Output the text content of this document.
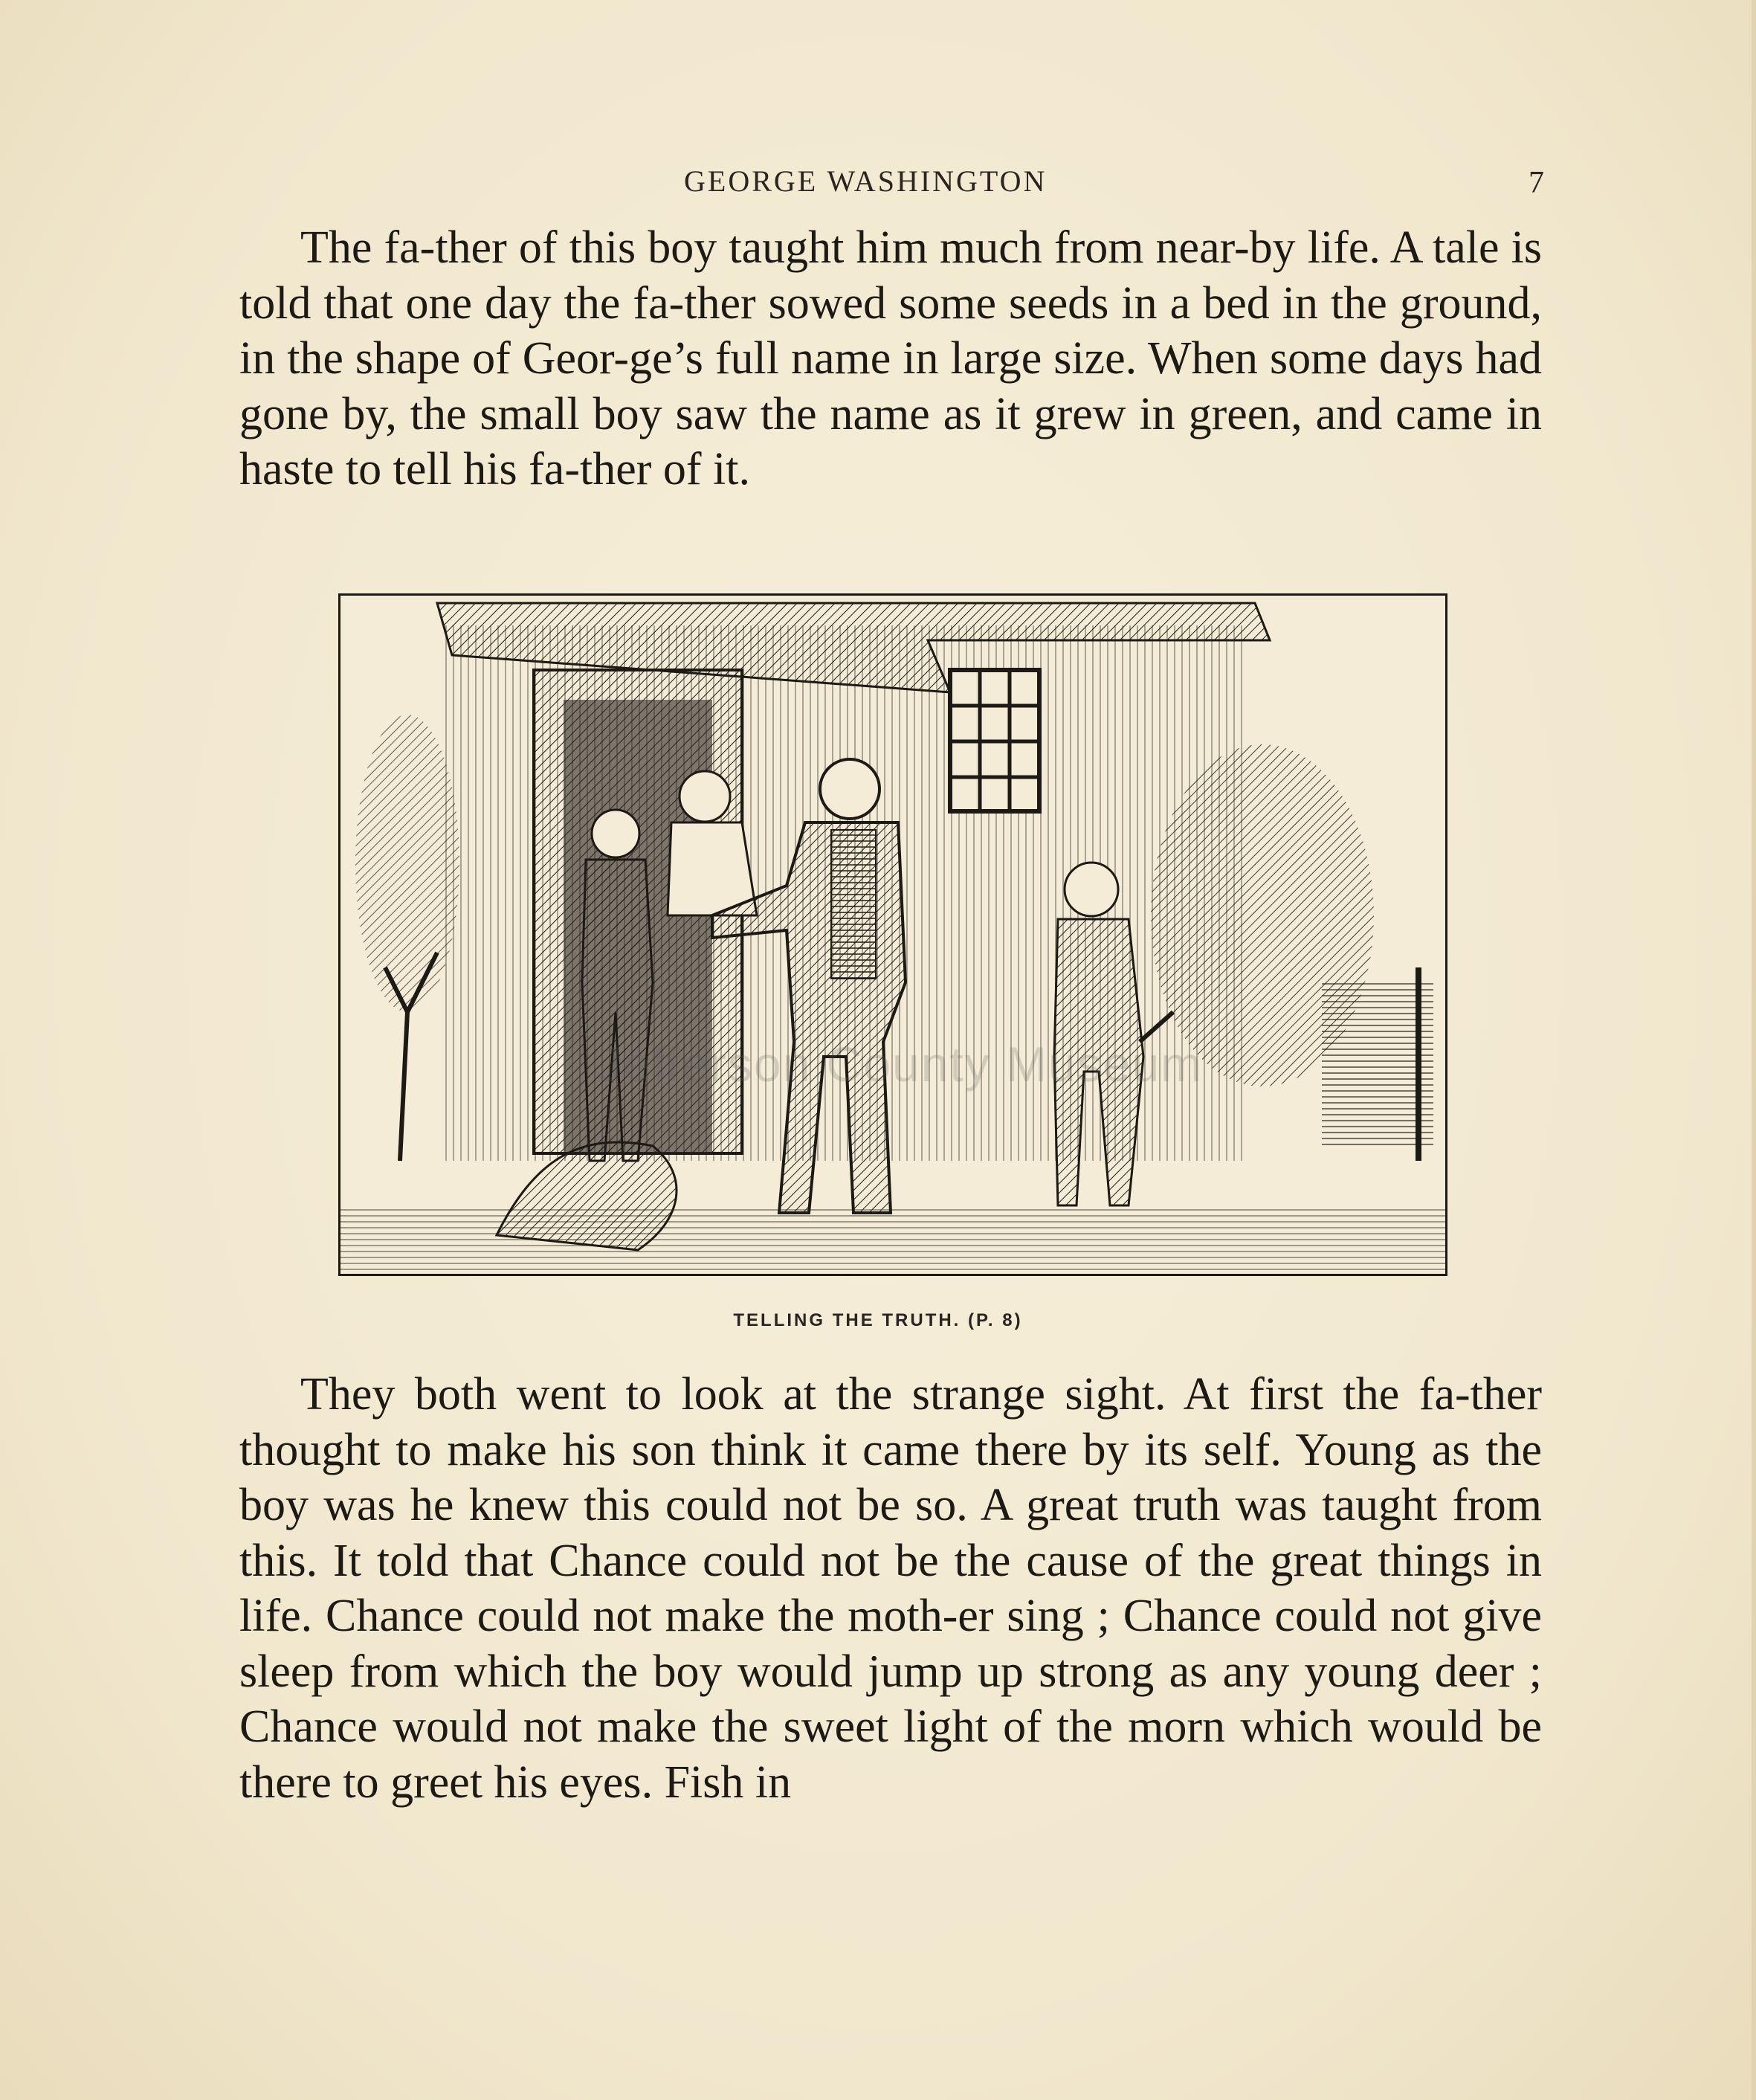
GEORGE WASHINGTON	7

The fa-ther of this boy taught him much from near-by life. A tale is told that one day the fa-ther sowed some seeds in a bed in the ground, in the shape of Geor-ge’s full name in large size. When some days had gone by, the small boy saw the name as it grew in green, and came in haste to tell his fa-ther of it.

Jefferson County Museum
TELLING THE TRUTH. (P. 8)

They both went to look at the strange sight. At first the fa-ther thought to make his son think it came there by its self. Young as the boy was he knew this could not be so. A great truth was taught from this. It told that Chance could not be the cause of the great things in life. Chance could not make the moth-er sing ; Chance could not give sleep from which the boy would jump up strong as any young deer ; Chance would not make the sweet light of the morn which would be there to greet his eyes. Fish in
